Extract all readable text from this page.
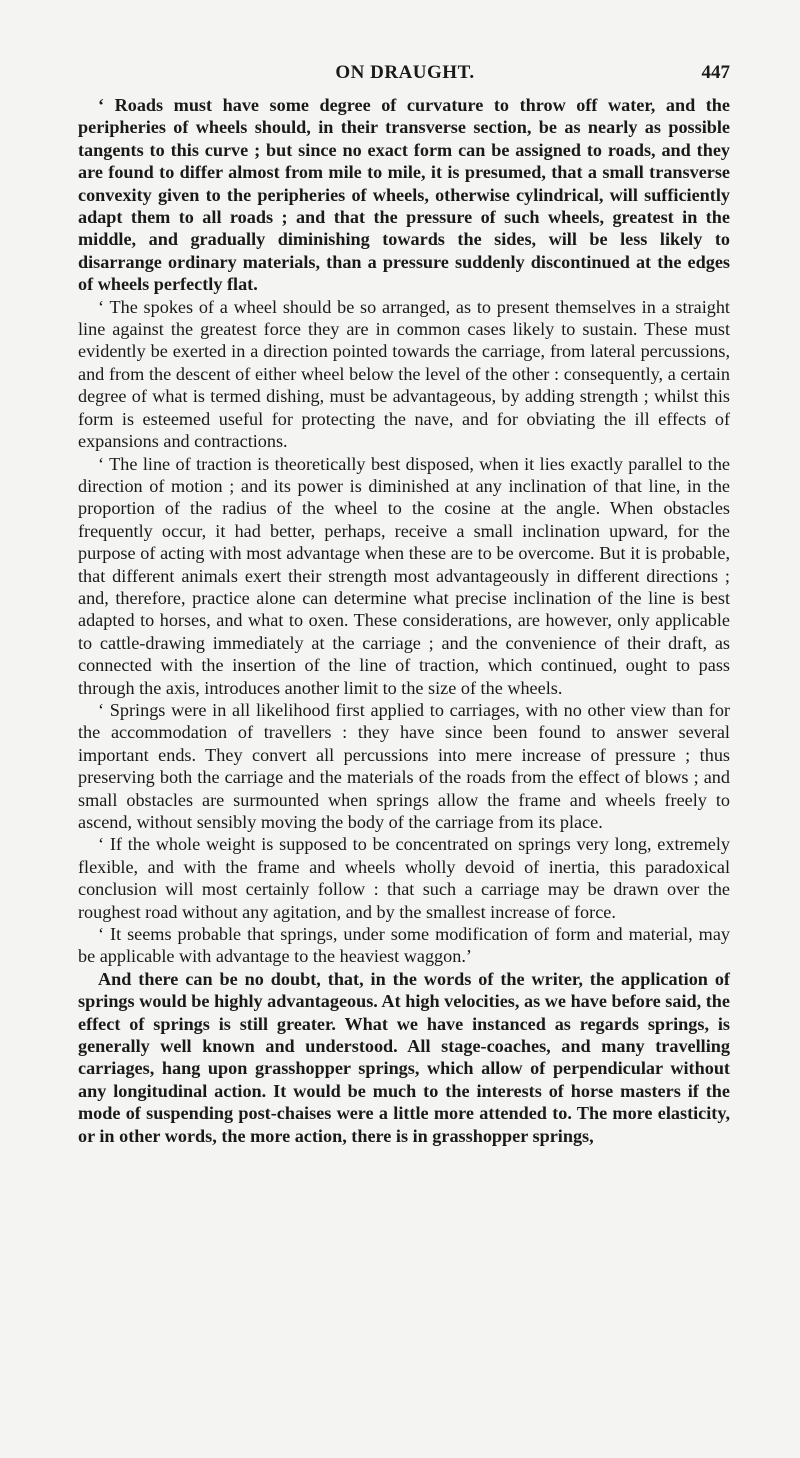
ON DRAUGHT.	447

‘ Roads must have some degree of curvature to throw off water, and the peripheries of wheels should, in their transverse section, be as nearly as possible tangents to this curve ; but since no exact form can be assigned to roads, and they are found to differ almost from mile to mile, it is presumed, that a small transverse convexity given to the peripheries of wheels, otherwise cylindrical, will sufficiently adapt them to all roads ; and that the pressure of such wheels, greatest in the middle, and gradually diminishing towards the sides, will be less likely to disarrange ordinary materials, than a pressure suddenly discontinued at the edges of wheels perfectly flat.

‘ The spokes of a wheel should be so arranged, as to present themselves in a straight line against the greatest force they are in common cases likely to sustain. These must evidently be exerted in a direction pointed towards the carriage, from lateral percussions, and from the descent of either wheel below the level of the other : consequently, a certain degree of what is termed dishing, must be advantageous, by adding strength ; whilst this form is esteemed useful for protecting the nave, and for obviating the ill effects of expansions and contractions.

‘ The line of traction is theoretically best disposed, when it lies exactly parallel to the direction of motion ; and its power is diminished at any inclination of that line, in the proportion of the radius of the wheel to the cosine at the angle. When obstacles frequently occur, it had better, perhaps, receive a small inclination upward, for the purpose of acting with most advantage when these are to be overcome. But it is probable, that different animals exert their strength most advantageously in different directions ; and, therefore, practice alone can determine what precise inclination of the line is best adapted to horses, and what to oxen. These considerations, are however, only applicable to cattle-drawing immediately at the carriage ; and the convenience of their draft, as connected with the insertion of the line of traction, which continued, ought to pass through the axis, introduces another limit to the size of the wheels.

‘ Springs were in all likelihood first applied to carriages, with no other view than for the accommodation of travellers : they have since been found to answer several important ends. They convert all percussions into mere increase of pressure ; thus preserving both the carriage and the materials of the roads from the effect of blows ; and small obstacles are surmounted when springs allow the frame and wheels freely to ascend, without sensibly moving the body of the carriage from its place.

‘ If the whole weight is supposed to be concentrated on springs very long, extremely flexible, and with the frame and wheels wholly devoid of inertia, this paradoxical conclusion will most certainly follow : that such a carriage may be drawn over the roughest road without any agitation, and by the smallest increase of force.

‘ It seems probable that springs, under some modification of form and material, may be applicable with advantage to the heaviest waggon.’

And there can be no doubt, that, in the words of the writer, the application of springs would be highly advantageous. At high velocities, as we have before said, the effect of springs is still greater. What we have instanced as regards springs, is generally well known and understood. All stage-coaches, and many travelling carriages, hang upon grasshopper springs, which allow of perpendicular without any longitudinal action. It would be much to the interests of horse masters if the mode of suspending post-chaises were a little more attended to. The more elasticity, or in other words, the more action, there is in grasshopper springs,
